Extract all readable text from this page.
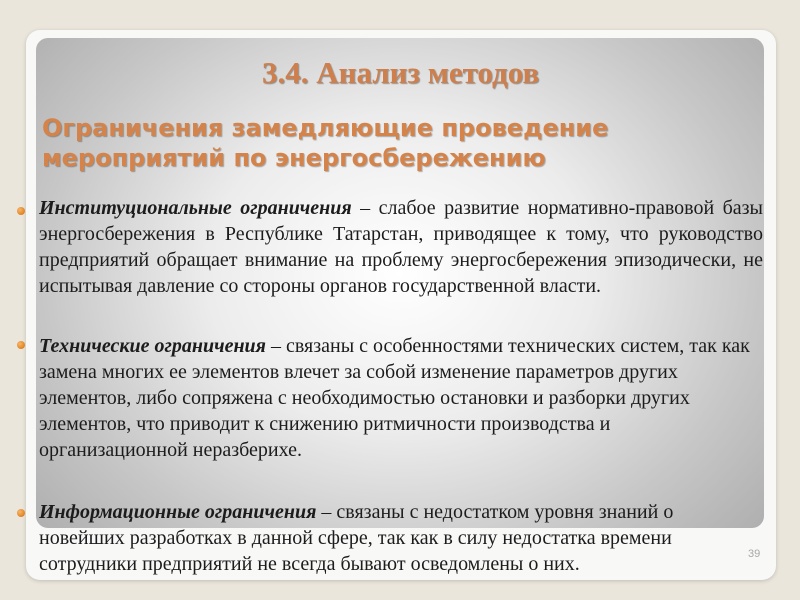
3.4. Анализ методов
Ограничения замедляющие проведение мероприятий по энергосбережению
Институциональные ограничения – слабое развитие нормативно-правовой базы энергосбережения в Республике Татарстан, приводящее к тому, что руководство предприятий обращает внимание на проблему энергосбережения эпизодически, не испытывая давление со стороны органов государственной власти.
Технические ограничения – связаны с особенностями технических систем, так как замена многих ее элементов влечет за собой изменение параметров других элементов, либо сопряжена с необходимостью остановки и разборки других элементов, что приводит к снижению ритмичности производства и организационной неразберихе.
Информационные ограничения – связаны с недостатком уровня знаний о новейших разработках в данной сфере, так как в силу недостатка времени сотрудники предприятий не всегда бывают осведомлены о них.	39
